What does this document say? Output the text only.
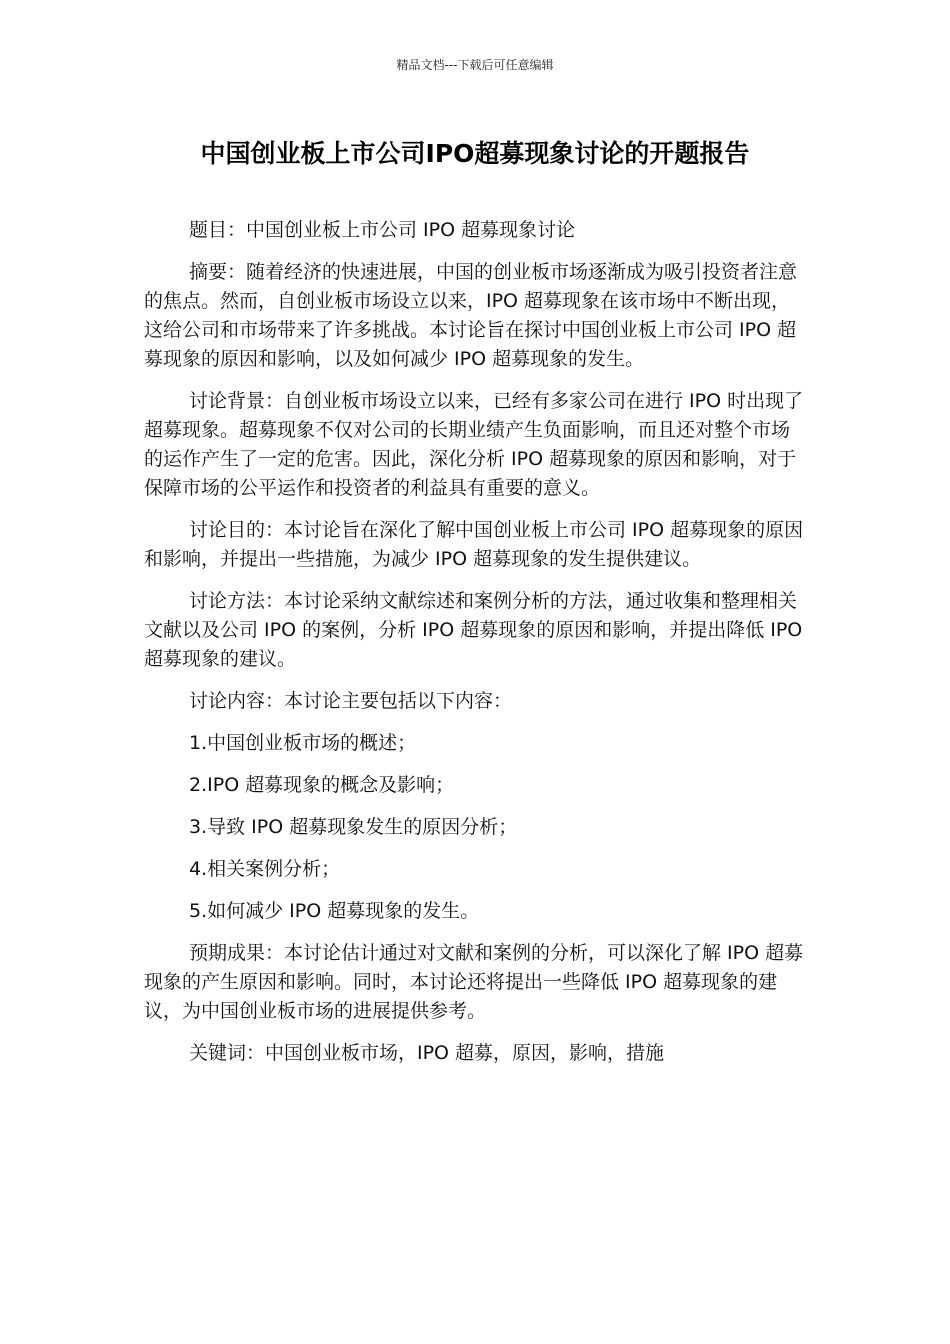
精品文档---下载后可任意编辑
中国创业板上市公司IPO超募现象讨论的开题报告

题目：中国创业板上市公司 IPO 超募现象讨论

摘要：随着经济的快速进展，中国的创业板市场逐渐成为吸引投资者注意的焦点。然而，自创业板市场设立以来，IPO 超募现象在该市场中不断出现，这给公司和市场带来了许多挑战。本讨论旨在探讨中国创业板上市公司 IPO 超募现象的原因和影响，以及如何减少 IPO 超募现象的发生。

讨论背景：自创业板市场设立以来，已经有多家公司在进行 IPO 时出现了超募现象。超募现象不仅对公司的长期业绩产生负面影响，而且还对整个市场的运作产生了一定的危害。因此，深化分析 IPO 超募现象的原因和影响，对于保障市场的公平运作和投资者的利益具有重要的意义。

讨论目的：本讨论旨在深化了解中国创业板上市公司 IPO 超募现象的原因和影响，并提出一些措施，为减少 IPO 超募现象的发生提供建议。

讨论方法：本讨论采纳文献综述和案例分析的方法，通过收集和整理相关文献以及公司 IPO 的案例，分析 IPO 超募现象的原因和影响，并提出降低 IPO 超募现象的建议。

讨论内容：本讨论主要包括以下内容：

1.中国创业板市场的概述；

2.IPO 超募现象的概念及影响；

3.导致 IPO 超募现象发生的原因分析；

4.相关案例分析；

5.如何减少 IPO 超募现象的发生。

预期成果：本讨论估计通过对文献和案例的分析，可以深化了解 IPO 超募现象的产生原因和影响。同时，本讨论还将提出一些降低 IPO 超募现象的建议，为中国创业板市场的进展提供参考。

关键词：中国创业板市场，IPO 超募，原因，影响，措施
